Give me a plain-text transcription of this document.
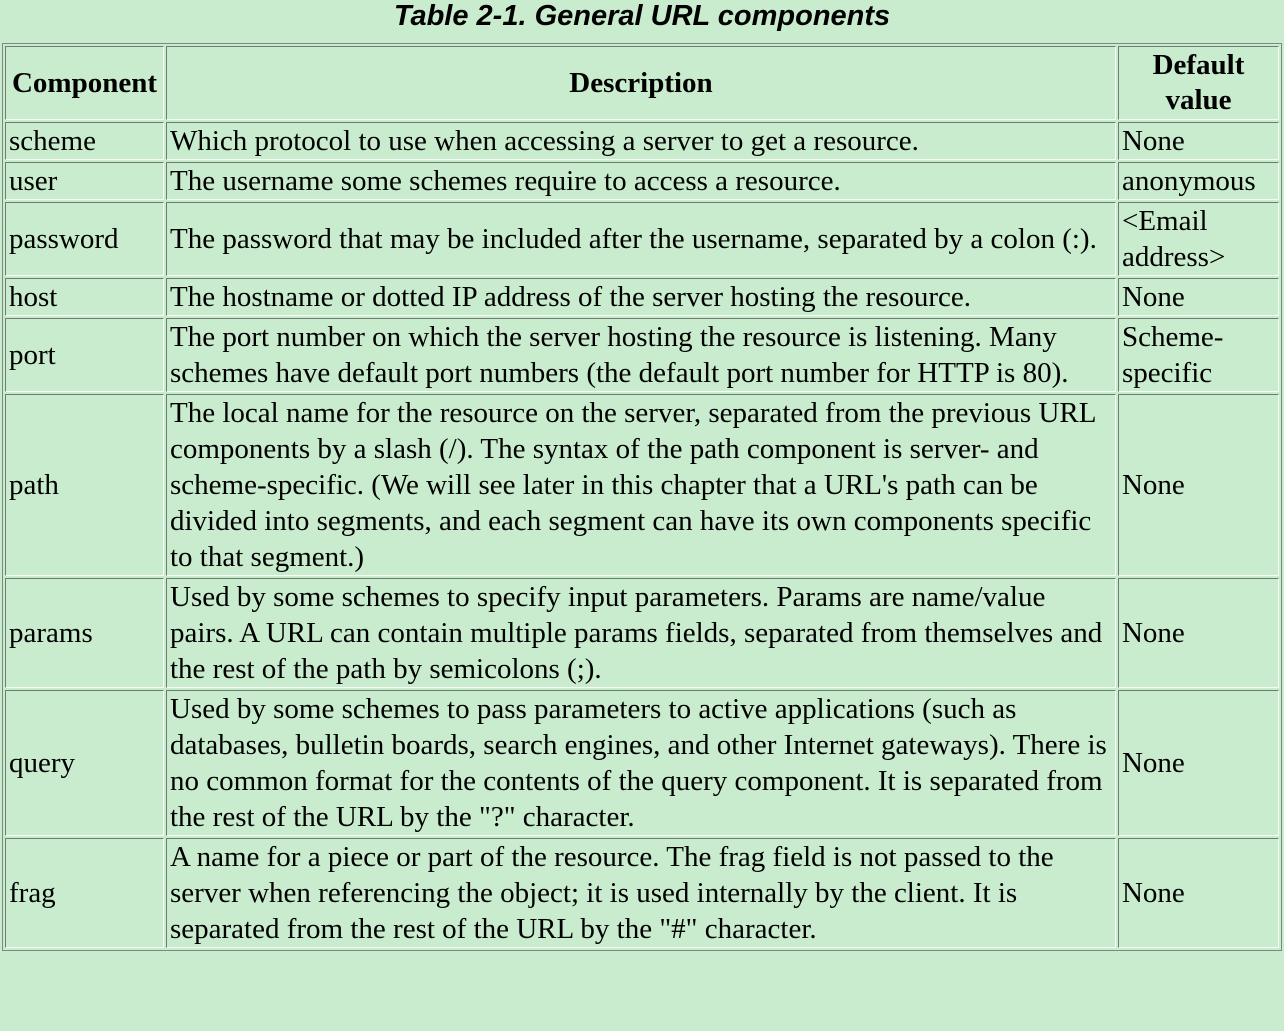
Table 2-1. General URL components
Component	Description	Default
value
scheme	Which protocol to use when accessing a server to get a resource.	None
user	The username some schemes require to access a resource.	anonymous
password	The password that may be included after the username, separated by a colon (:).	<Email address>
host	The hostname or dotted IP address of the server hosting the resource.	None
port	The port number on which the server hosting the resource is listening. Many schemes have default port numbers (the default port number for HTTP is 80).	Scheme-specific
path	The local name for the resource on the server, separated from the previous URL components by a slash (/). The syntax of the path component is server- and scheme-specific. (We will see later in this chapter that a URL's path can be divided into segments, and each segment can have its own components specific to that segment.)	None
params	Used by some schemes to specify input parameters. Params are name/value pairs. A URL can contain multiple params fields, separated from themselves and the rest of the path by semicolons (;).	None
query	Used by some schemes to pass parameters to active applications (such as databases, bulletin boards, search engines, and other Internet gateways). There is no common format for the contents of the query component. It is separated from the rest of the URL by the "?" character.	None
frag	A name for a piece or part of the resource. The frag field is not passed to the server when referencing the object; it is used internally by the client. It is separated from the rest of the URL by the "#" character.	None
